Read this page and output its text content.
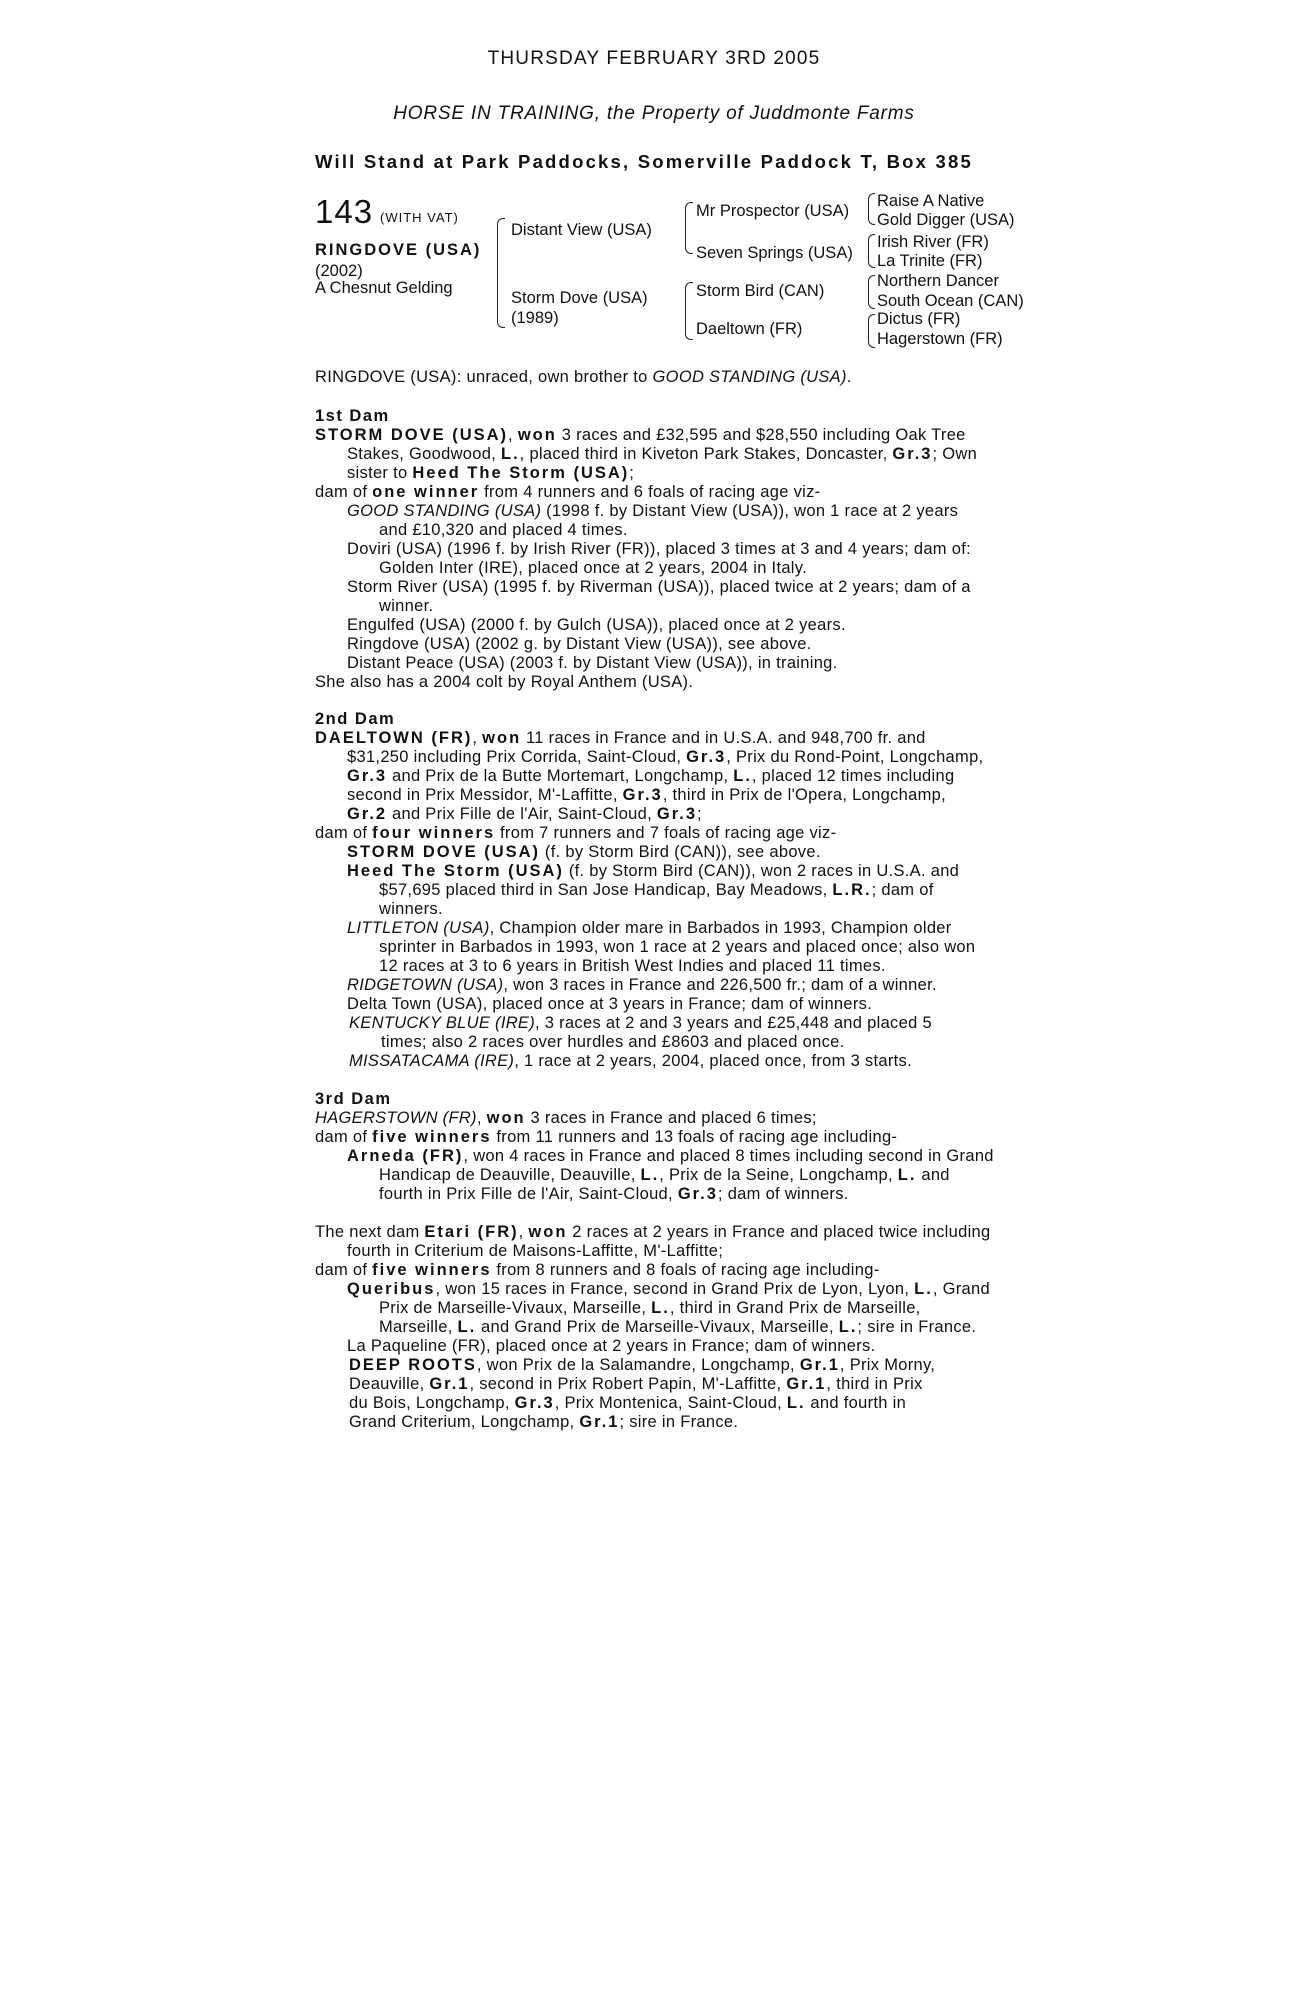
THURSDAY FEBRUARY 3RD 2005
HORSE IN TRAINING, the Property of Juddmonte Farms
Will Stand at Park Paddocks, Somerville Paddock T, Box 385
143 (WITH VAT)
RINGDOVE (USA)
(2002)
A Chesnut Gelding
Distant View (USA)
Storm Dove (USA)
(1989)
Mr Prospector (USA)
Seven Springs (USA)
Storm Bird (CAN)
Daeltown (FR)
Raise A Native
Gold Digger (USA)
Irish River (FR)
La Trinite (FR)
Northern Dancer
South Ocean (CAN)
Dictus (FR)
Hagerstown (FR)
RINGDOVE (USA): unraced, own brother to GOOD STANDING (USA).
1st Dam
2nd Dam
3rd Dam
STORM DOVE (USA), won 3 races and £32,595 and $28,550 including Oak Tree
Stakes, Goodwood, L., placed third in Kiveton Park Stakes, Doncaster, Gr.3; Own
sister to Heed The Storm (USA);
dam of one winner from 4 runners and 6 foals of racing age viz-
GOOD STANDING (USA) (1998 f. by Distant View (USA)), won 1 race at 2 years
and £10,320 and placed 4 times.
Doviri (USA) (1996 f. by Irish River (FR)), placed 3 times at 3 and 4 years; dam of:
Golden Inter (IRE), placed once at 2 years, 2004 in Italy.
Storm River (USA) (1995 f. by Riverman (USA)), placed twice at 2 years; dam of a
winner.
Engulfed (USA) (2000 f. by Gulch (USA)), placed once at 2 years.
Ringdove (USA) (2002 g. by Distant View (USA)), see above.
Distant Peace (USA) (2003 f. by Distant View (USA)), in training.
She also has a 2004 colt by Royal Anthem (USA).
DAELTOWN (FR), won 11 races in France and in U.S.A. and 948,700 fr. and
$31,250 including Prix Corrida, Saint-Cloud, Gr.3, Prix du Rond-Point, Longchamp,
Gr.3 and Prix de la Butte Mortemart, Longchamp, L., placed 12 times including
second in Prix Messidor, M'-Laffitte, Gr.3, third in Prix de l'Opera, Longchamp,
Gr.2 and Prix Fille de l'Air, Saint-Cloud, Gr.3;
dam of four winners from 7 runners and 7 foals of racing age viz-
STORM DOVE (USA) (f. by Storm Bird (CAN)), see above.
Heed The Storm (USA) (f. by Storm Bird (CAN)), won 2 races in U.S.A. and
$57,695 placed third in San Jose Handicap, Bay Meadows, L.R.; dam of
winners.
LITTLETON (USA), Champion older mare in Barbados in 1993, Champion older
sprinter in Barbados in 1993, won 1 race at 2 years and placed once; also won
12 races at 3 to 6 years in British West Indies and placed 11 times.
RIDGETOWN (USA), won 3 races in France and 226,500 fr.; dam of a winner.
Delta Town (USA), placed once at 3 years in France; dam of winners.
KENTUCKY BLUE (IRE), 3 races at 2 and 3 years and £25,448 and placed 5
times; also 2 races over hurdles and £8603 and placed once.
MISSATACAMA (IRE), 1 race at 2 years, 2004, placed once, from 3 starts.
HAGERSTOWN (FR), won 3 races in France and placed 6 times;
dam of five winners from 11 runners and 13 foals of racing age including-
Arneda (FR), won 4 races in France and placed 8 times including second in Grand
Handicap de Deauville, Deauville, L., Prix de la Seine, Longchamp, L. and
fourth in Prix Fille de l'Air, Saint-Cloud, Gr.3; dam of winners.
The next dam Etari (FR), won 2 races at 2 years in France and placed twice including
fourth in Criterium de Maisons-Laffitte, M'-Laffitte;
dam of five winners from 8 runners and 8 foals of racing age including-
Queribus, won 15 races in France, second in Grand Prix de Lyon, Lyon, L., Grand
Prix de Marseille-Vivaux, Marseille, L., third in Grand Prix de Marseille,
Marseille, L. and Grand Prix de Marseille-Vivaux, Marseille, L.; sire in France.
La Paqueline (FR), placed once at 2 years in France; dam of winners.
DEEP ROOTS, won Prix de la Salamandre, Longchamp, Gr.1, Prix Morny,
Deauville, Gr.1, second in Prix Robert Papin, M'-Laffitte, Gr.1, third in Prix
du Bois, Longchamp, Gr.3, Prix Montenica, Saint-Cloud, L. and fourth in
Grand Criterium, Longchamp, Gr.1; sire in France.
